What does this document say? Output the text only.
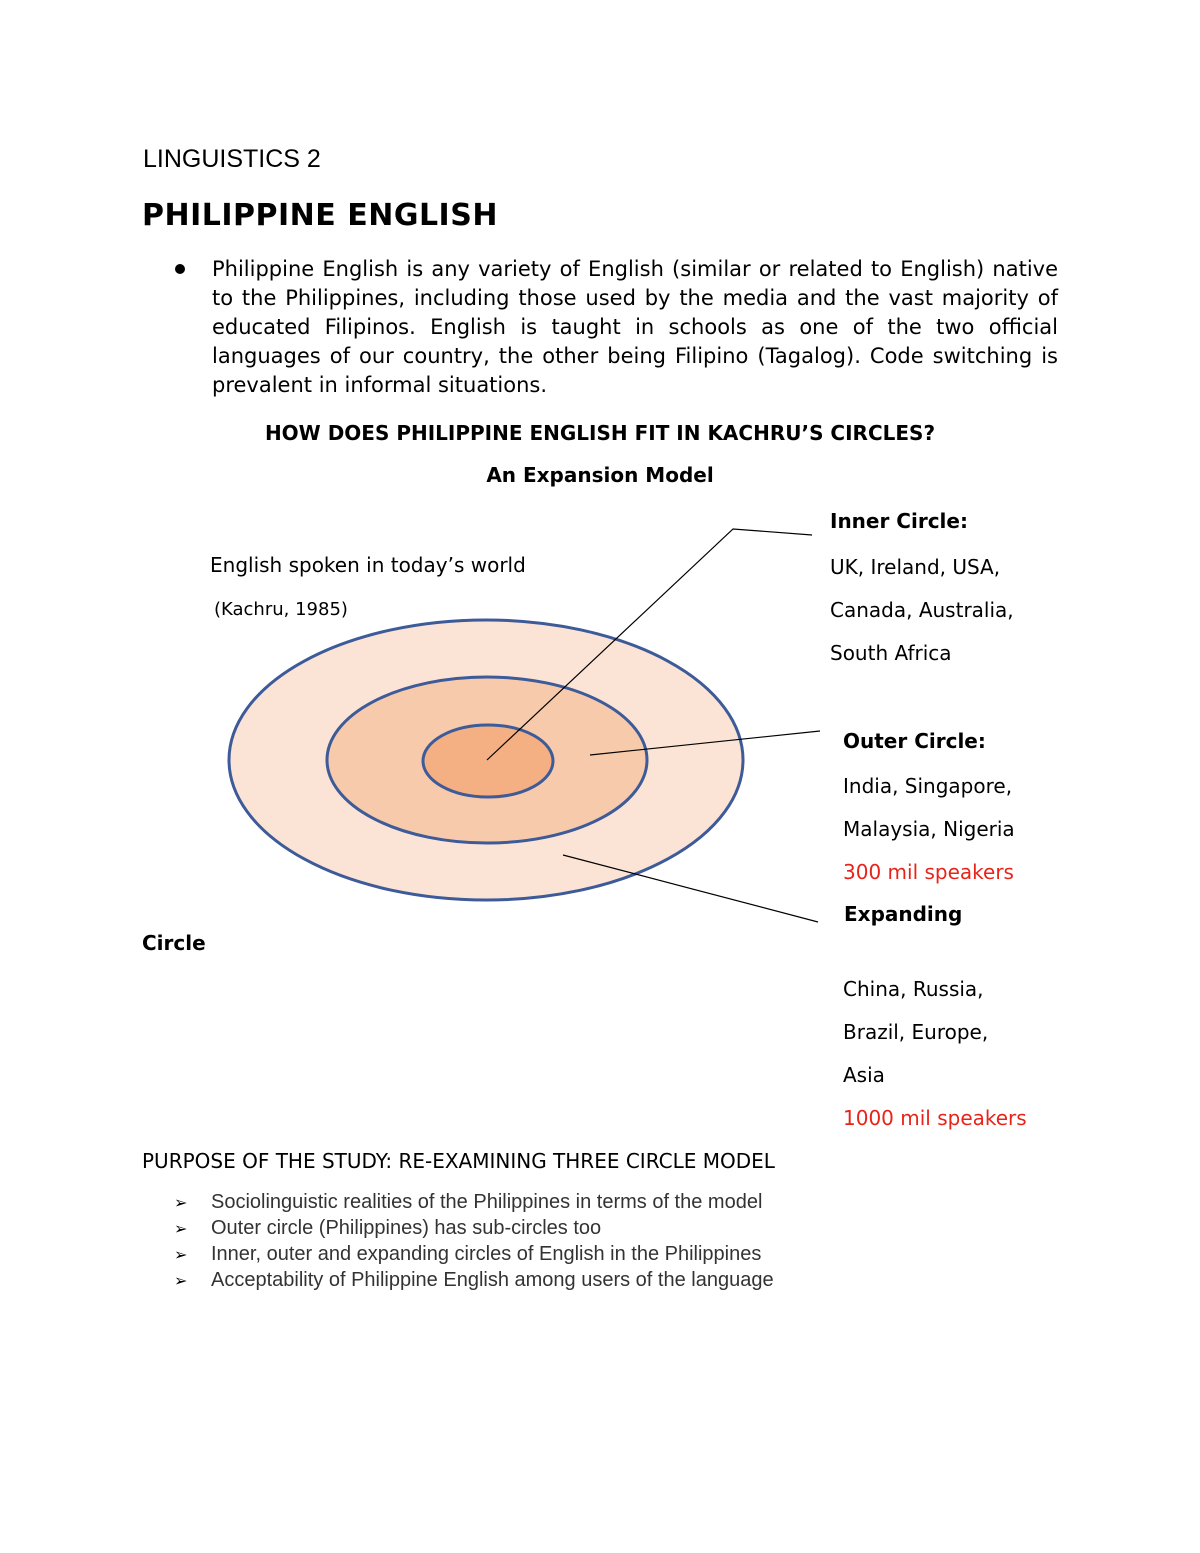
LINGUISTICS 2
PHILIPPINE ENGLISH

Philippine English is any variety of English (similar or related to English) native to the Philippines, including those used by the media and the vast majority of educated Filipinos. English is taught in schools as one of the two official languages of our country, the other being Filipino (Tagalog). Code switching is prevalent in informal situations.

HOW DOES PHILIPPINE ENGLISH FIT IN KACHRU’S CIRCLES?
An Expansion Model
English spoken in today’s world
(Kachru, 1985)
Inner Circle:
UK, Ireland, USA,
Canada, Australia,
South Africa
Outer Circle:
India, Singapore,
Malaysia, Nigeria
300 mil speakers
Expanding
Circle
China, Russia,
Brazil, Europe,
Asia
1000 mil speakers
PURPOSE OF THE STUDY: RE-EXAMINING THREE CIRCLE MODEL
➢ Sociolinguistic realities of the Philippines in terms of the model
➢ Outer circle (Philippines) has sub-circles too
➢ Inner, outer and expanding circles of English in the Philippines
➢ Acceptability of Philippine English among users of the language
